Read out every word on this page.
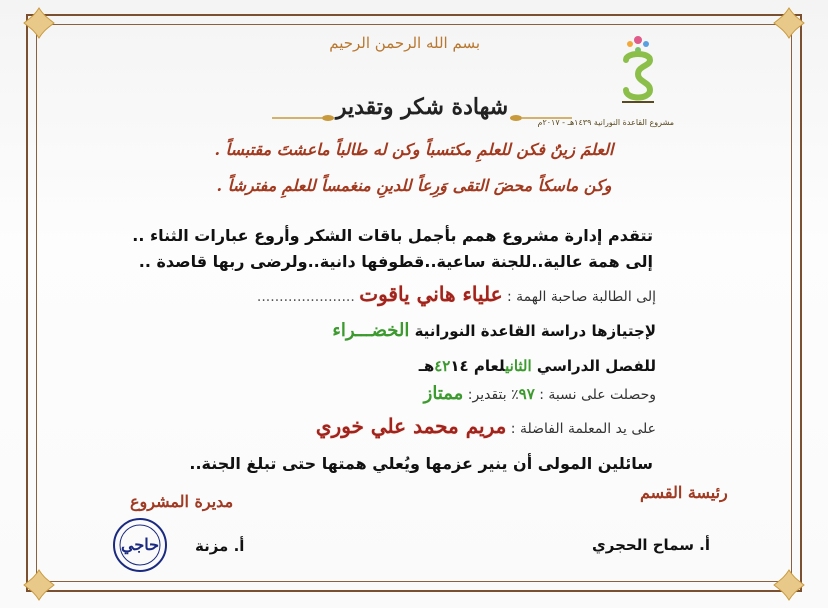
مشروع القاعدة النورانية ١٤٣٩هـ - ٢٠١٧م
بسم الله الرحمن الرحيم
شهادة شكر وتقدير
العلمَ زينٌ فكن للعلمِ مكتسباً وكن له طالباً ماعشتَ مقتبساً .
وكن ماسكاً محضَ التقى وَرِعاً للدينِ منغمساً للعلمِ مفترشاً .
تتقدم إدارة مشروع همم بأجمل باقات الشكر وأروع عبارات الثناء ..
إلى همة عالية..للجنة ساعية..قطوفها دانية..ولرضى ربها قاصدة ..
إلى الطالبة صاحبة الهمة : علياء هاني ياقوت ......................
لإجتيازها دراسة القاعدة النورانية الخضـــراء
للفصل الدراسي الثانيلعام ٤٢١٤هـ
وحصلت على نسبة : ٩٧٪ بتقدير: ممتاز
على يد المعلمة الفاضلة : مريم محمد علي خوري
سائلين المولى أن ينير عزمها ويُعلي همتها حتى تبلغ الجنة..
مديرة المشروع	رئيسة القسم
حاجي	أ. مزنة	أ. سماح الحجري
